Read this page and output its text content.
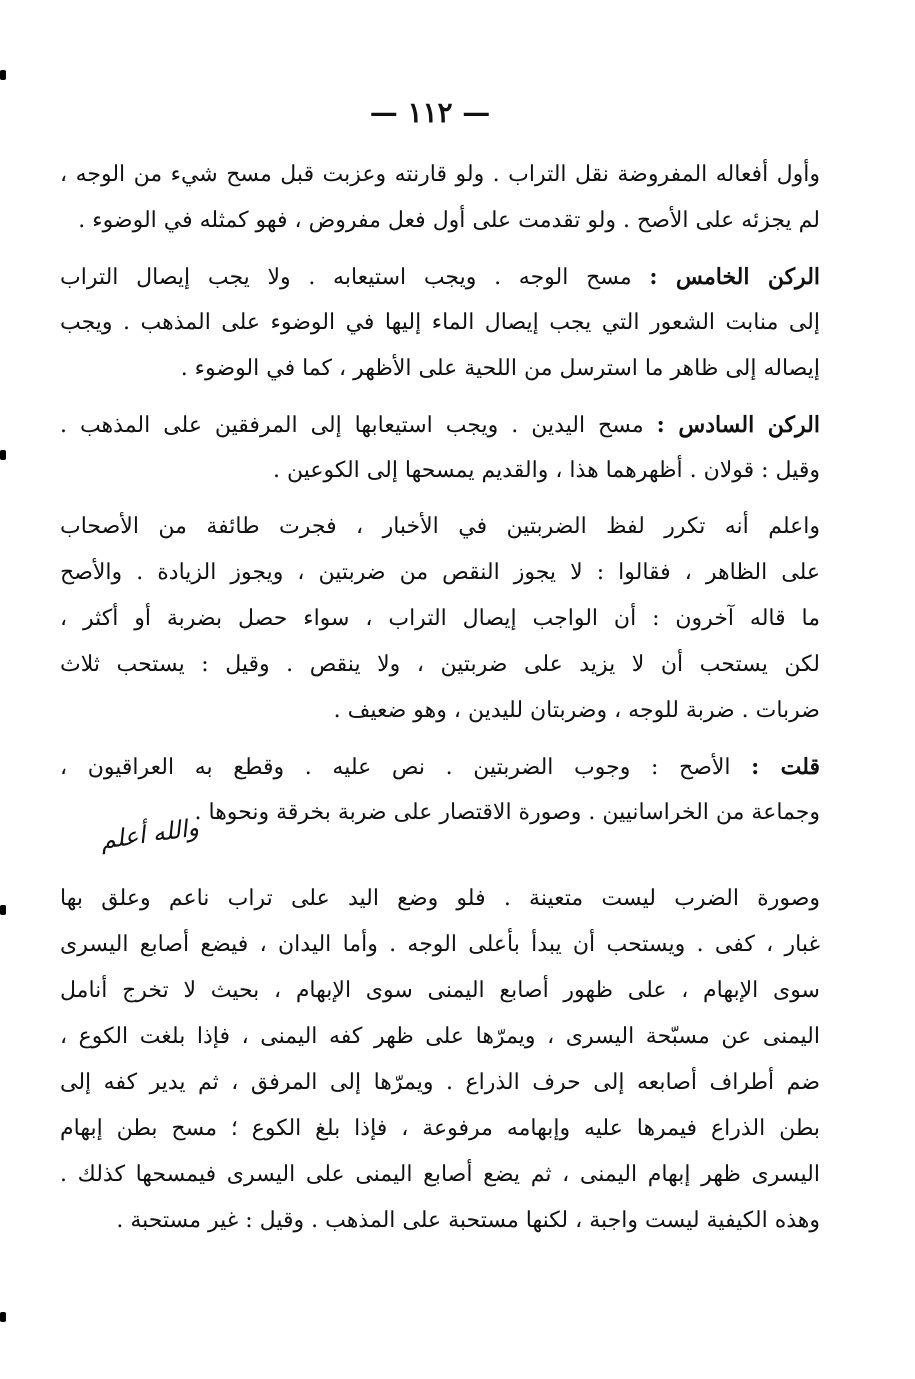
— ١١٢ —

وأول أفعاله المفروضة نقل التراب . ولو قارنته وعزبت قبل مسح شيء من الوجه ،
لم يجزئه على الأصح . ولو تقدمت على أول فعل مفروض ، فهو كمثله في الوضوء .

الركن الخامس : مسح الوجه . ويجب استيعابه . ولا يجب إيصال التراب
إلى منابت الشعور التي يجب إيصال الماء إليها في الوضوء على المذهب . ويجب
إيصاله إلى ظاهر ما استرسل من اللحية على الأظهر ، كما في الوضوء .

الركن السادس : مسح اليدين . ويجب استيعابها إلى المرفقين على المذهب .
وقيل : قولان . أظهرهما هذا ، والقديم يمسحها إلى الكوعين .

واعلم أنه تكرر لفظ الضربتين في الأخبار ، فجرت طائفة من الأصحاب
على الظاهر ، فقالوا : لا يجوز النقص من ضربتين ، ويجوز الزيادة . والأصح
ما قاله آخرون : أن الواجب إيصال التراب ، سواء حصل بضربة أو أكثر ،
لكن يستحب أن لا يزيد على ضربتين ، ولا ينقص . وقيل : يستحب ثلاث
ضربات . ضربة للوجه ، وضربتان لليدين ، وهو ضعيف .

قلت : الأصح : وجوب الضربتين . نص عليه . وقطع به العراقيون ،
وجماعة من الخراسانيين . وصورة الاقتصار على ضربة بخرقة ونحوها .

وصورة الضرب ليست متعينة . فلو وضع اليد على تراب ناعم وعلق بها
غبار ، كفى . ويستحب أن يبدأ بأعلى الوجه . وأما اليدان ، فيضع أصابع اليسرى
سوى الإبهام ، على ظهور أصابع اليمنى سوى الإبهام ، بحيث لا تخرج أنامل
اليمنى عن مسبّحة اليسرى ، ويمرّها على ظهر كفه اليمنى ، فإذا بلغت الكوع ،
ضم أطراف أصابعه إلى حرف الذراع . ويمرّها إلى المرفق ، ثم يدير كفه إلى
بطن الذراع فيمرها عليه وإبهامه مرفوعة ، فإذا بلغ الكوع ؛ مسح بطن إبهام
اليسرى ظهر إبهام اليمنى ، ثم يضع أصابع اليمنى على اليسرى فيمسحها كذلك .
وهذه الكيفية ليست واجبة ، لكنها مستحبة على المذهب . وقيل : غير مستحبة .

والله أعلم
